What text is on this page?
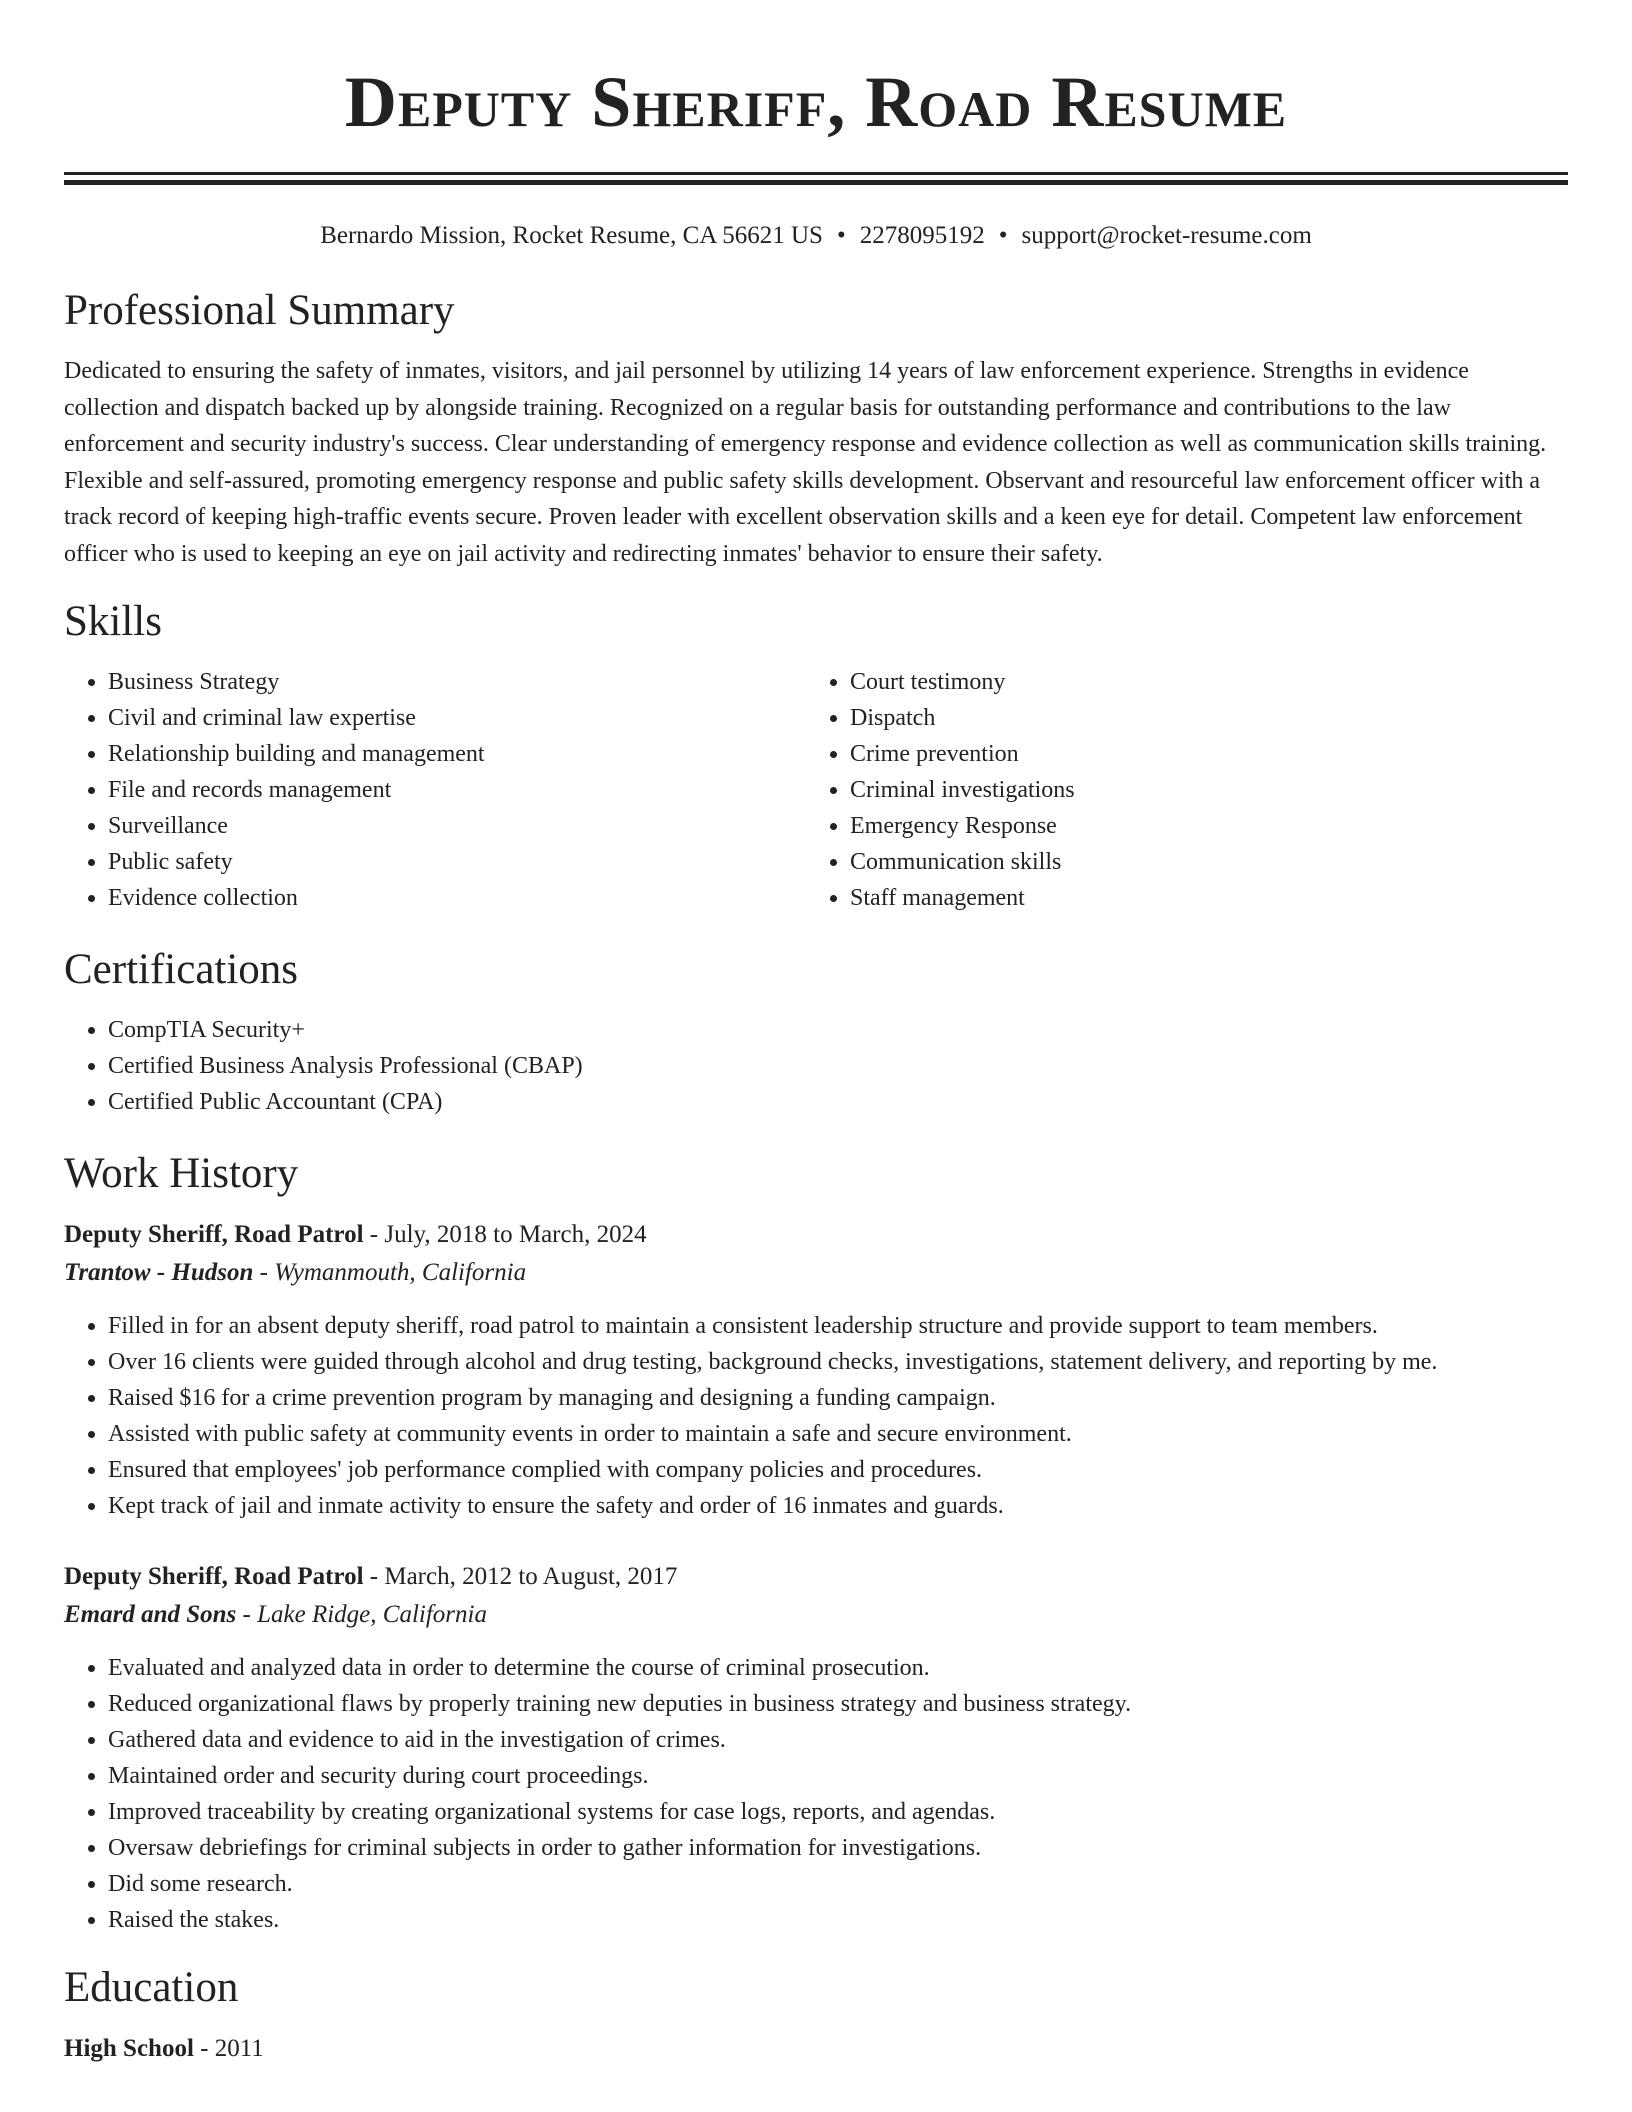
Deputy Sheriff, Road Resume
Bernardo Mission, Rocket Resume, CA 56621 US • 2278095192 • support@rocket-resume.com
Professional Summary

Dedicated to ensuring the safety of inmates, visitors, and jail personnel by utilizing 14 years of law enforcement experience. Strengths in evidence collection and dispatch backed up by alongside training. Recognized on a regular basis for outstanding performance and contributions to the law enforcement and security industry's success. Clear understanding of emergency response and evidence collection as well as communication skills training. Flexible and self-assured, promoting emergency response and public safety skills development. Observant and resourceful law enforcement officer with a track record of keeping high-traffic events secure. Proven leader with excellent observation skills and a keen eye for detail. Competent law enforcement officer who is used to keeping an eye on jail activity and redirecting inmates' behavior to ensure their safety.

Skills
• Business Strategy
• Civil and criminal law expertise
• Relationship building and management
• File and records management
• Surveillance
• Public safety
• Evidence collection
• Court testimony
• Dispatch
• Crime prevention
• Criminal investigations
• Emergency Response
• Communication skills
• Staff management
Certifications
• CompTIA Security+
• Certified Business Analysis Professional (CBAP)
• Certified Public Accountant (CPA)
Work History
Deputy Sheriff, Road Patrol - July, 2018 to March, 2024
Trantow - Hudson - Wymanmouth, California
• Filled in for an absent deputy sheriff, road patrol to maintain a consistent leadership structure and provide support to team members.
• Over 16 clients were guided through alcohol and drug testing, background checks, investigations, statement delivery, and reporting by me.
• Raised $16 for a crime prevention program by managing and designing a funding campaign.
• Assisted with public safety at community events in order to maintain a safe and secure environment.
• Ensured that employees' job performance complied with company policies and procedures.
• Kept track of jail and inmate activity to ensure the safety and order of 16 inmates and guards.
Deputy Sheriff, Road Patrol - March, 2012 to August, 2017
Emard and Sons - Lake Ridge, California
• Evaluated and analyzed data in order to determine the course of criminal prosecution.
• Reduced organizational flaws by properly training new deputies in business strategy and business strategy.
• Gathered data and evidence to aid in the investigation of crimes.
• Maintained order and security during court proceedings.
• Improved traceability by creating organizational systems for case logs, reports, and agendas.
• Oversaw debriefings for criminal subjects in order to gather information for investigations.
• Did some research.
• Raised the stakes.
Education
High School - 2011
